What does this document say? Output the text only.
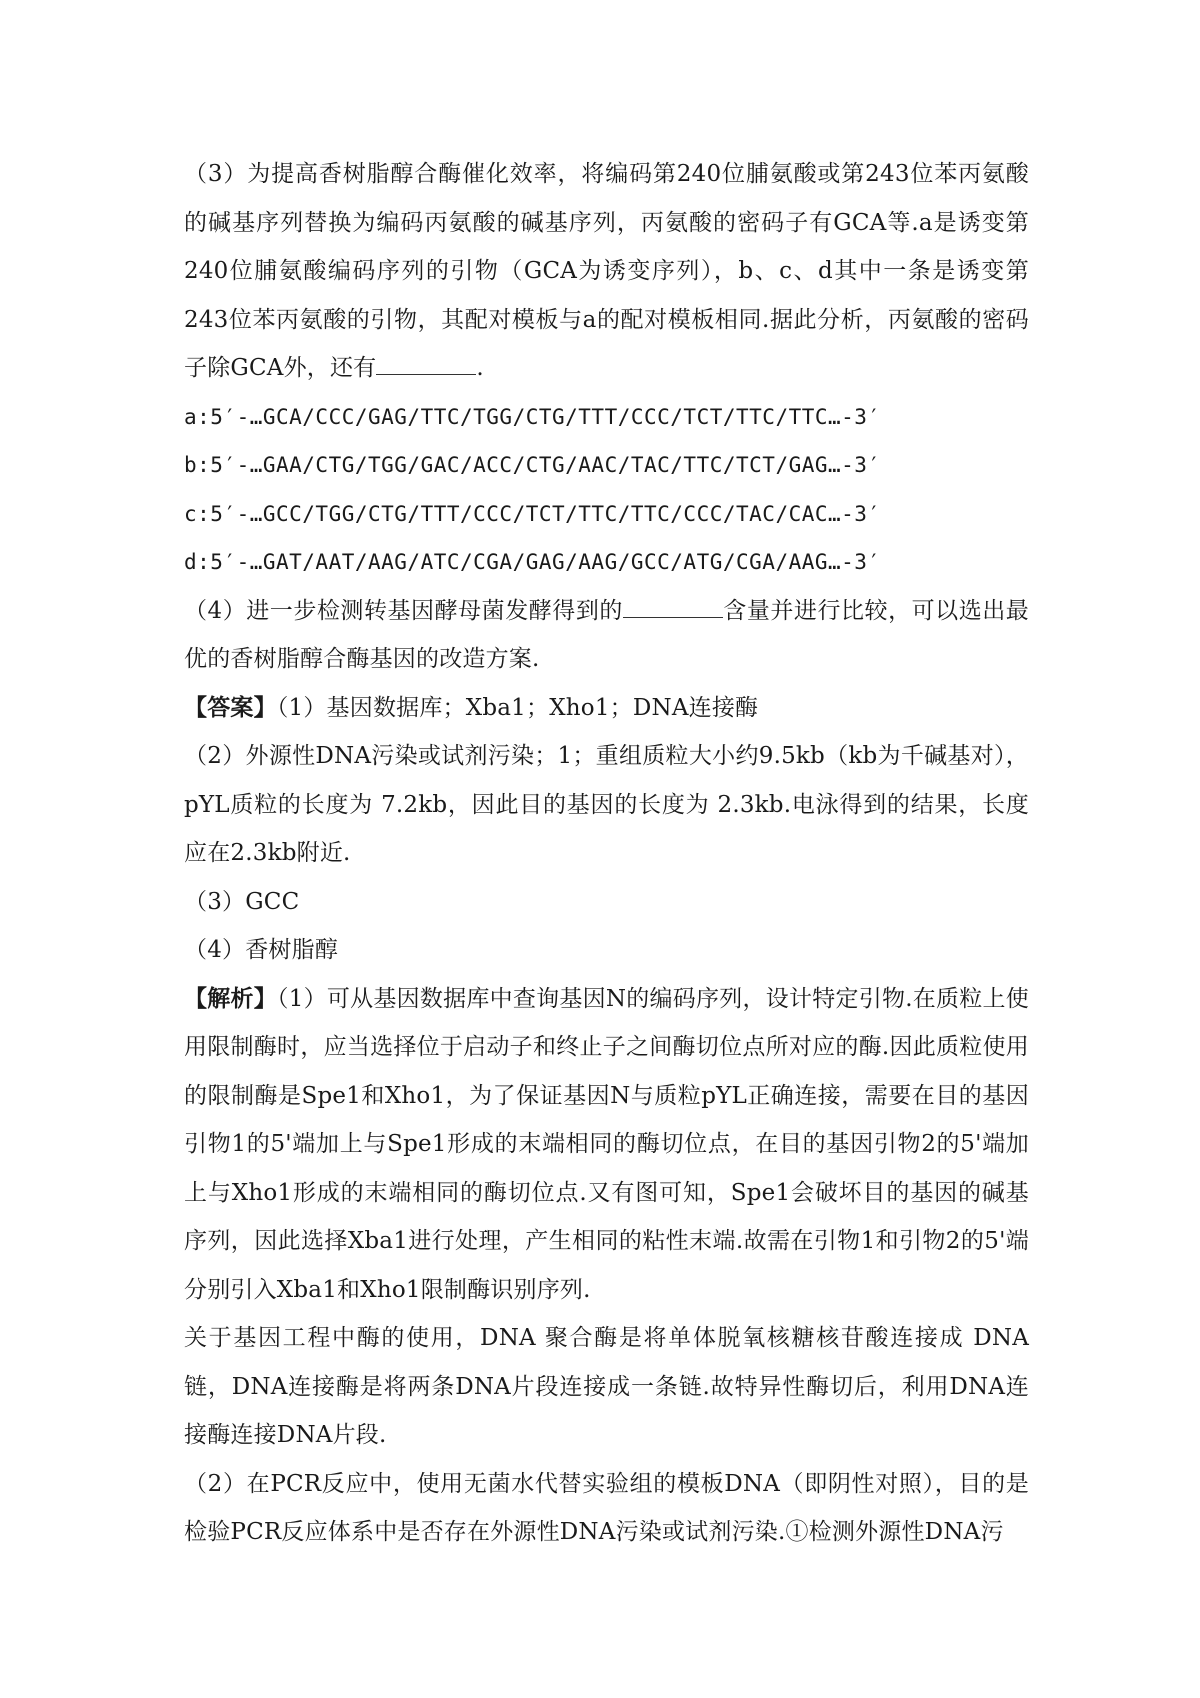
（3）为提高香树脂醇合酶催化效率，将编码第240位脯氨酸或第243位苯丙氨酸的碱基序列替换为编码丙氨酸的碱基序列，丙氨酸的密码子有GCA等.a是诱变第240位脯氨酸编码序列的引物（GCA为诱变序列），b、c、d其中一条是诱变第243位苯丙氨酸的引物，其配对模板与a的配对模板相同.据此分析，丙氨酸的密码子除GCA外，还有	.

a:5′-…GCA/CCC/GAG/TTC/TGG/CTG/TTT/CCC/TCT/TTC/TTC…-3′

b:5′-…GAA/CTG/TGG/GAC/ACC/CTG/AAC/TAC/TTC/TCT/GAG…-3′

c:5′-…GCC/TGG/CTG/TTT/CCC/TCT/TTC/TTC/CCC/TAC/CAC…-3′

d:5′-…GAT/AAT/AAG/ATC/CGA/GAG/AAG/GCC/ATG/CGA/AAG…-3′

（4）进一步检测转基因酵母菌发酵得到的	含量并进行比较，可以选出最优的香树脂醇合酶基因的改造方案.

【答案】（1）基因数据库；Xba1；Xho1；DNA连接酶

（2）外源性DNA污染或试剂污染；1；重组质粒大小约9.5kb（kb为千碱基对），pYL质粒的长度为 7.2kb，因此目的基因的长度为 2.3kb.电泳得到的结果，长度应在2.3kb附近.

（3）GCC

（4）香树脂醇

【解析】（1）可从基因数据库中查询基因N的编码序列，设计特定引物.在质粒上使用限制酶时，应当选择位于启动子和终止子之间酶切位点所对应的酶.因此质粒使用的限制酶是Spe1和Xho1，为了保证基因N与质粒pYL正确连接，需要在目的基因引物1的5'端加上与Spe1形成的末端相同的酶切位点，在目的基因引物2的5'端加上与Xho1形成的末端相同的酶切位点.又有图可知，Spe1会破坏目的基因的碱基序列，因此选择Xba1进行处理，产生相同的粘性末端.故需在引物1和引物2的5'端分别引入Xba1和Xho1限制酶识别序列.

关于基因工程中酶的使用，DNA 聚合酶是将单体脱氧核糖核苷酸连接成 DNA链，DNA连接酶是将两条DNA片段连接成一条链.故特异性酶切后，利用DNA连接酶连接DNA片段.

（2）在PCR反应中，使用无菌水代替实验组的模板DNA（即阴性对照），目的是检验PCR反应体系中是否存在外源性DNA污染或试剂污染.①检测外源性DNA污
